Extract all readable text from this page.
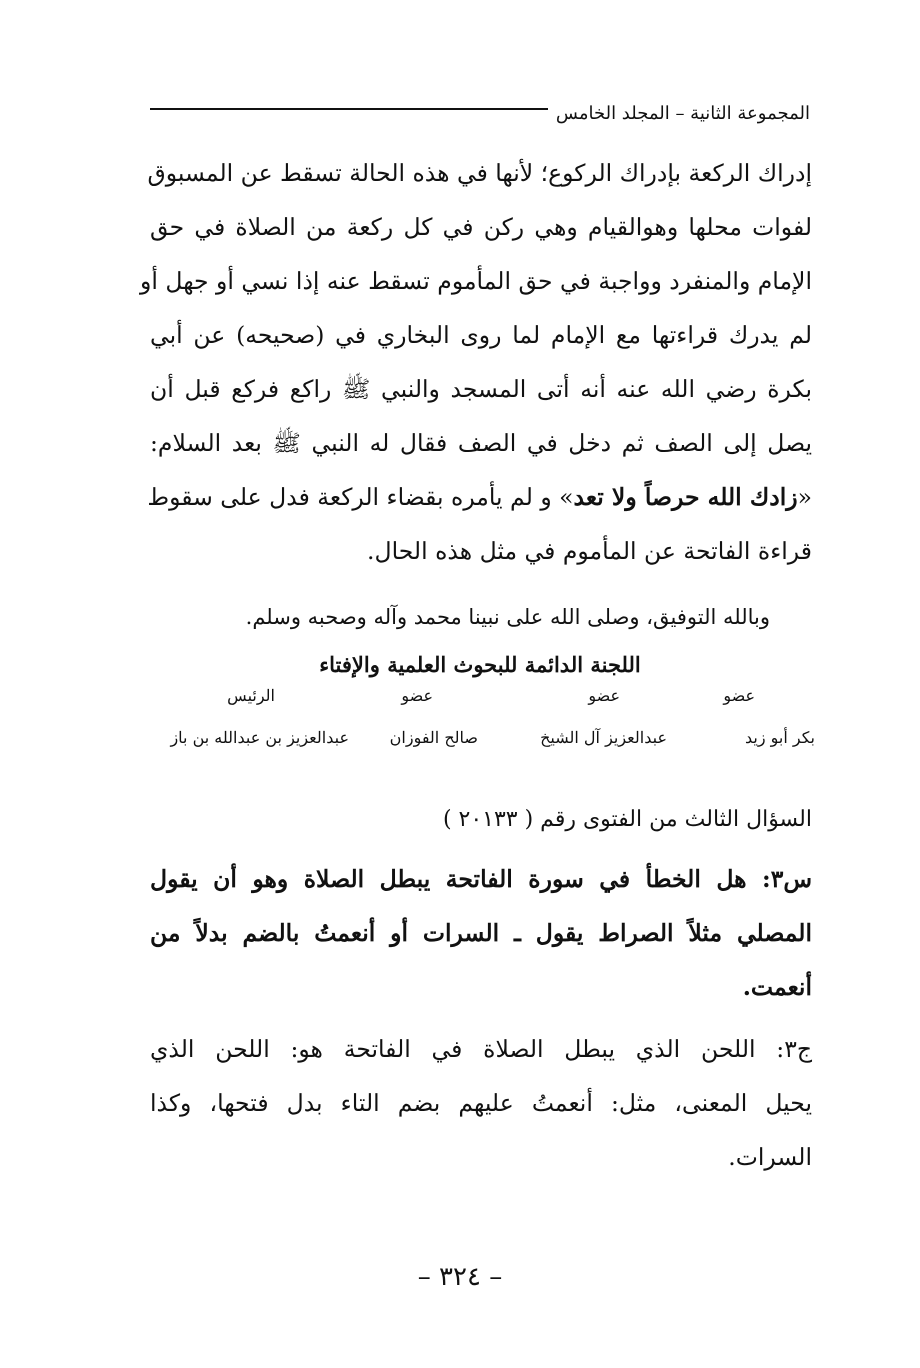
المجموعة الثانية – المجلد الخامس
إدراك الركعة بإدراك الركوع؛ لأنها في هذه الحالة تسقط عن المسبوق
لفوات محلها وهوالقيام وهي ركن في كل ركعة من الصلاة في حق
الإمام والمنفرد وواجبة في حق المأموم تسقط عنه إذا نسي أو جهل أو
لم يدرك قراءتها مع الإمام لما روى البخاري في (صحيحه) عن أبي
بكرة رضي الله عنه أنه أتى المسجد والنبي ﷺ راكع فركع قبل أن
يصل إلى الصف ثم دخل في الصف فقال له النبي ﷺ بعد السلام:
«زادك الله حرصاً ولا تعد» و لم يأمره بقضاء الركعة فدل على سقوط
قراءة الفاتحة عن المأموم في مثل هذه الحال.
وبالله التوفيق، وصلى الله على نبينا محمد وآله وصحبه وسلم.
اللجنة الدائمة للبحوث العلمية والإفتاء
عضو
عضو
عضو
الرئيس
بكر أبو زيد
عبدالعزيز آل الشيخ
صالح الفوزان
عبدالعزيز بن عبدالله بن باز
السؤال الثالث من الفتوى رقم ( ٢٠١٣٣ )
س٣: هل الخطأ في سورة الفاتحة يبطل الصلاة وهو أن يقول
المصلي مثلاً الصراط يقول ـ السرات أو أنعمتُ بالضم بدلاً من
أنعمت.
ج٣: اللحن الذي يبطل الصلاة في الفاتحة هو: اللحن الذي
يحيل المعنى، مثل: أنعمتُ عليهم بضم التاء بدل فتحها، وكذا
السرات.
– ٣٢٤ –
